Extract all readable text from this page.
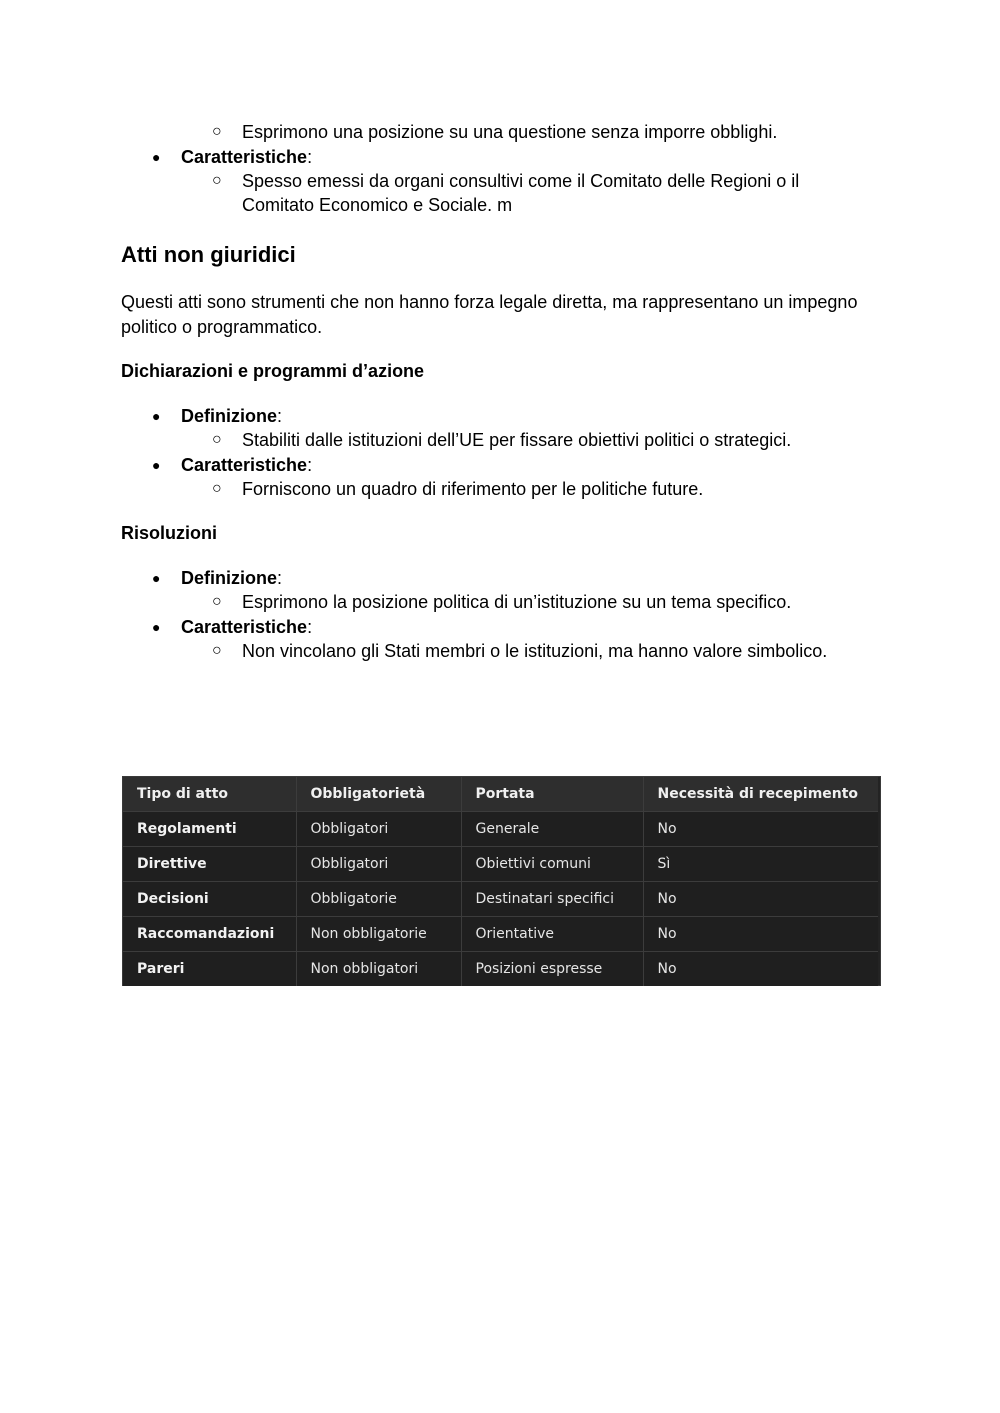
○ Esprimono una posizione su una questione senza imporre obblighi.
● Caratteristiche:
○ Spesso emessi da organi consultivi come il Comitato delle Regioni o il
Comitato Economico e Sociale. m
Atti non giuridici
Questi atti sono strumenti che non hanno forza legale diretta, ma rappresentano un impegno
politico o programmatico.
Dichiarazioni e programmi d’azione
● Definizione:
○ Stabiliti dalle istituzioni dell’UE per fissare obiettivi politici o strategici.
● Caratteristiche:
○ Forniscono un quadro di riferimento per le politiche future.
Risoluzioni
● Definizione:
○ Esprimono la posizione politica di un’istituzione su un tema specifico.
● Caratteristiche:
○ Non vincolano gli Stati membri o le istituzioni, ma hanno valore simbolico.
Tipo di atto	Obbligatorietà	Portata	Necessità di recepimento
Regolamenti	Obbligatori	Generale	No
Direttive	Obbligatori	Obiettivi comuni	Sì
Decisioni	Obbligatorie	Destinatari specifici	No
Raccomandazioni	Non obbligatorie	Orientative	No
Pareri	Non obbligatori	Posizioni espresse	No
